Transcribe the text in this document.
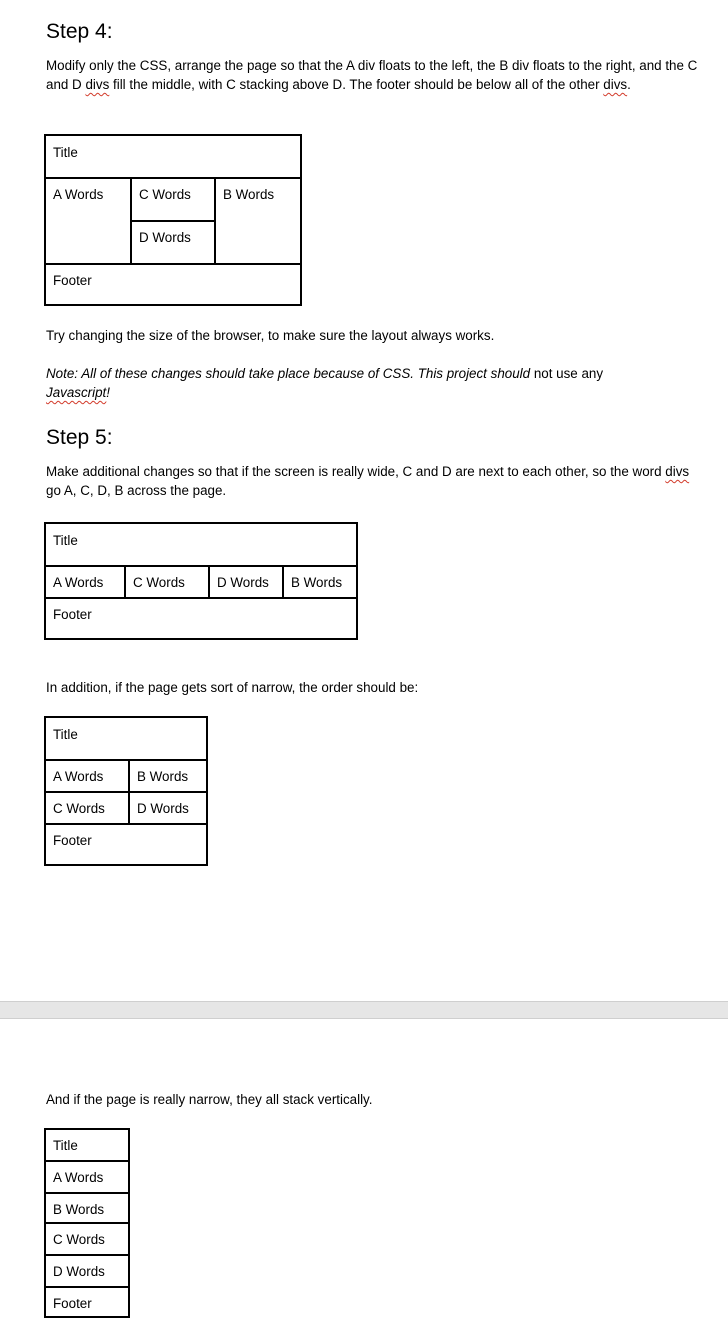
Step 4:

Modify only the CSS, arrange the page so that the A div floats to the left, the B div floats to the right, and the C and D divs fill the middle, with C stacking above D. The footer should be below all of the other divs.

Title
A Words	C Words B Words
D Words
Footer

Try changing the size of the browser, to make sure the layout always works.

Note: All of these changes should take place because of CSS. This project should not use any
Javascript!

Step 5:

Make additional changes so that if the screen is really wide, C and D are next to each other, so the word divs go A, C, D, B across the page.

Title
A Words C Words D Words B Words
Footer

In addition, if the page gets sort of narrow, the order should be:

Title
A Words	B Words
C Words D Words
Footer

And if the page is really narrow, they all stack vertically.

Title
A Words
B Words
C Words
D Words
Footer
